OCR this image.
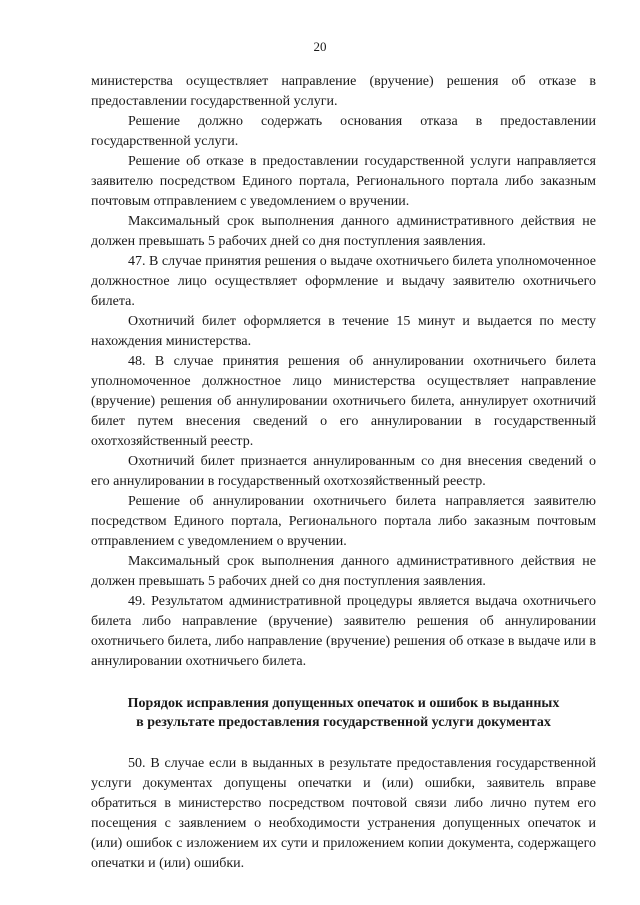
20

министерства осуществляет направление (вручение) решения об отказе в предоставлении государственной услуги.

Решение должно содержать основания отказа в предоставлении государственной услуги.

Решение об отказе в предоставлении государственной услуги направляется заявителю посредством Единого портала, Регионального портала либо заказным почтовым отправлением с уведомлением о вручении.

Максимальный срок выполнения данного административного действия не должен превышать 5 рабочих дней со дня поступления заявления.

47. В случае принятия решения о выдаче охотничьего билета уполномоченное должностное лицо осуществляет оформление и выдачу заявителю охотничьего билета.

Охотничий билет оформляется в течение 15 минут и выдается по месту нахождения министерства.

48. В случае принятия решения об аннулировании охотничьего билета уполномоченное должностное лицо министерства осуществляет направление (вручение) решения об аннулировании охотничьего билета, аннулирует охотничий билет путем внесения сведений о его аннулировании в государственный охотхозяйственный реестр.

Охотничий билет признается аннулированным со дня внесения сведений о его аннулировании в государственный охотхозяйственный реестр.

Решение об аннулировании охотничьего билета направляется заявителю посредством Единого портала, Регионального портала либо заказным почтовым отправлением с уведомлением о вручении.

Максимальный срок выполнения данного административного действия не должен превышать 5 рабочих дней со дня поступления заявления.

49. Результатом административной процедуры является выдача охотничьего билета либо направление (вручение) заявителю решения об аннулировании охотничьего билета, либо направление (вручение) решения об отказе в выдаче или в аннулировании охотничьего билета.

Порядок исправления допущенных опечаток и ошибок в выданных
в результате предоставления государственной услуги документах

50. В случае если в выданных в результате предоставления государственной услуги документах допущены опечатки и (или) ошибки, заявитель вправе обратиться в министерство посредством почтовой связи либо лично путем его посещения с заявлением о необходимости устранения допущенных опечаток и (или) ошибок с изложением их сути и приложением копии документа, содержащего опечатки и (или) ошибки.
